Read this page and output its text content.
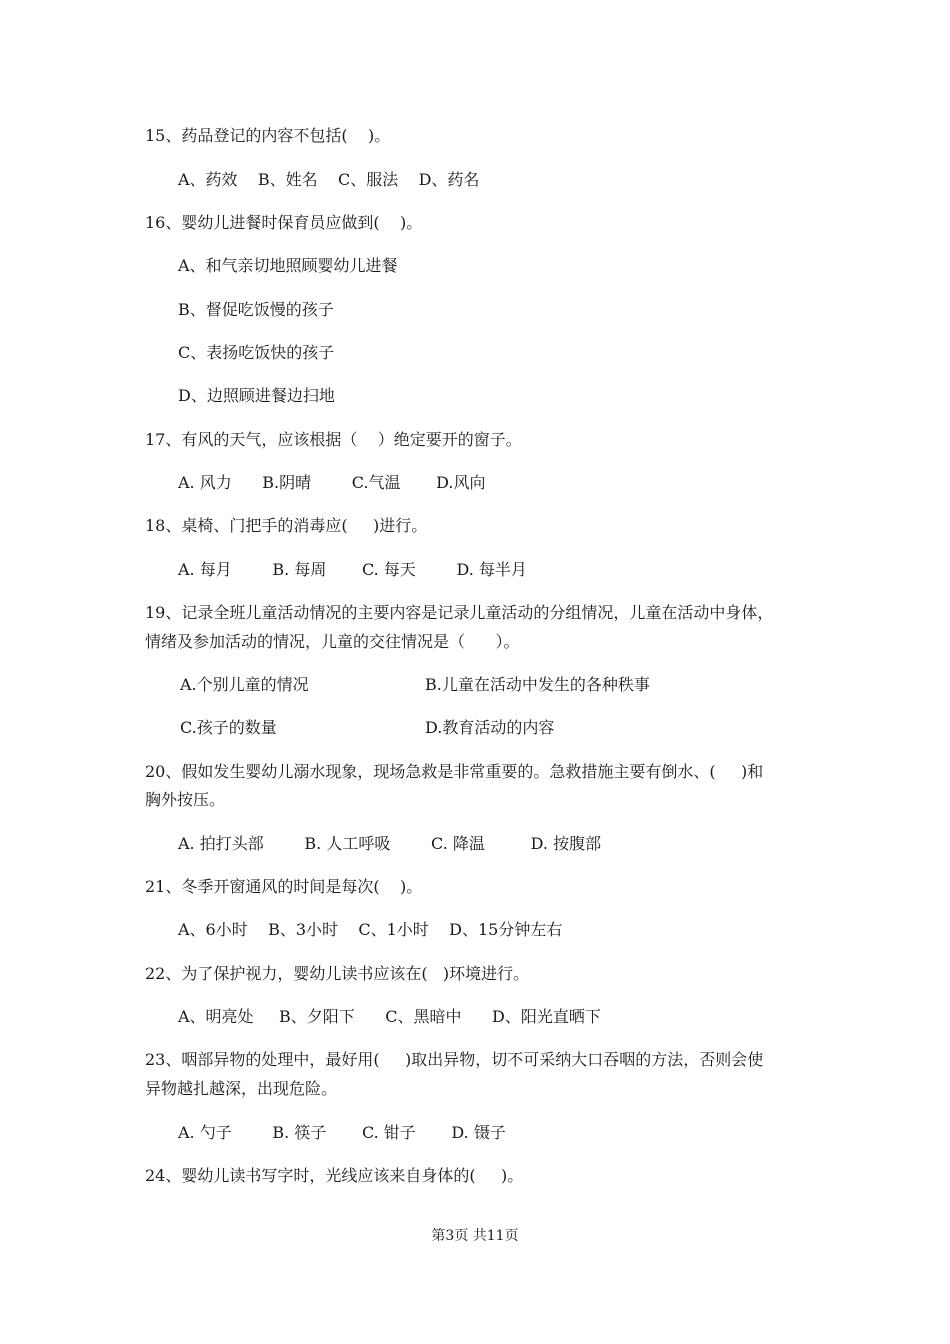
15、药品登记的内容不包括(    )。
A、药效    B、姓名    C、服法    D、药名
16、婴幼儿进餐时保育员应做到(    )。
A、和气亲切地照顾婴幼儿进餐
B、督促吃饭慢的孩子
C、表扬吃饭快的孩子
D、边照顾进餐边扫地
17、有风的天气，应该根据（    ）绝定要开的窗子。
A. 风力      B.阴晴        C.气温       D.风向
18、桌椅、门把手的消毒应(     )进行。
A. 每月        B. 每周       C. 每天        D. 每半月
19、记录全班儿童活动情况的主要内容是记录儿童活动的分组情况，儿童在活动中身体，
情绪及参加活动的情况，儿童的交往情况是（      ）。
A.个别儿童的情况	B.儿童在活动中发生的各种秩事
C.孩子的数量	D.教育活动的内容
20、假如发生婴幼儿溺水现象，现场急救是非常重要的。急救措施主要有倒水、(     )和
胸外按压。
A. 拍打头部        B. 人工呼吸        C. 降温         D. 按腹部
21、冬季开窗通风的时间是每次(    )。
A、6小时    B、3小时    C、1小时    D、15分钟左右
22、为了保护视力，婴幼儿读书应该在(   )环境进行。
A、明亮处     B、夕阳下      C、黑暗中      D、阳光直晒下
23、咽部异物的处理中，最好用(     )取出异物，切不可采纳大口吞咽的方法，否则会使
异物越扎越深，出现危险。
A. 勺子        B. 筷子       C. 钳子       D. 镊子
24、婴幼儿读书写字时，光线应该来自身体的(     )。
第3页 共11页
